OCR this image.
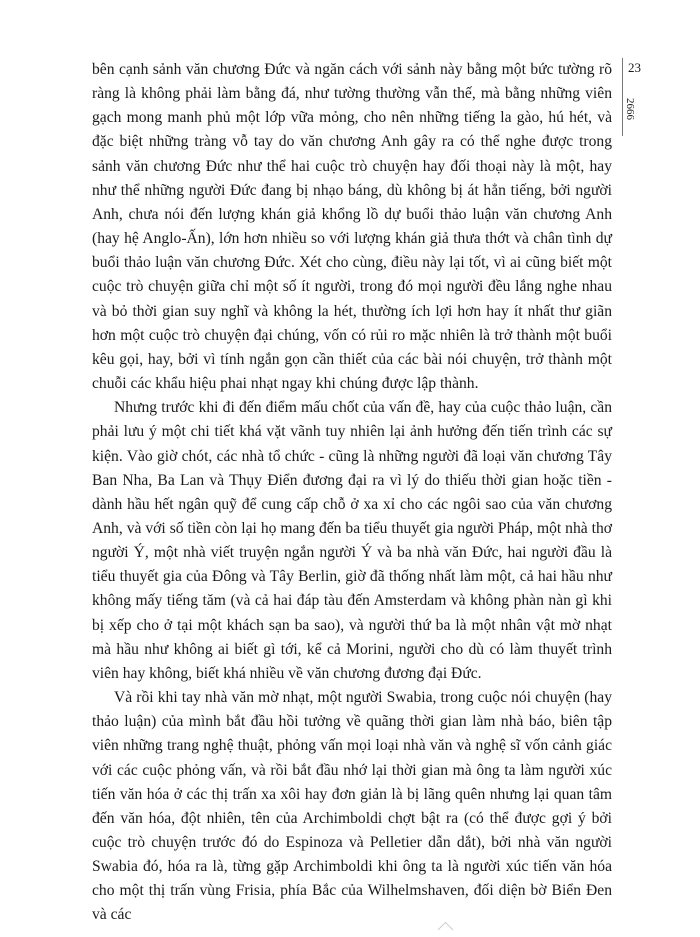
bên cạnh sảnh văn chương Đức và ngăn cách với sảnh này bằng một bức tường rõ ràng là không phải làm bằng đá, như tường thường vẫn thế, mà bằng những viên gạch mong manh phủ một lớp vữa mỏng, cho nên những tiếng la gào, hú hét, và đặc biệt những tràng vỗ tay do văn chương Anh gây ra có thể nghe được trong sảnh văn chương Đức như thể hai cuộc trò chuyện hay đối thoại này là một, hay như thể những người Đức đang bị nhạo báng, dù không bị át hẳn tiếng, bởi người Anh, chưa nói đến lượng khán giả khổng lồ dự buổi thảo luận văn chương Anh (hay hệ Anglo-Ấn), lớn hơn nhiều so với lượng khán giả thưa thớt và chân tình dự buổi thảo luận văn chương Đức. Xét cho cùng, điều này lại tốt, vì ai cũng biết một cuộc trò chuyện giữa chỉ một số ít người, trong đó mọi người đều lắng nghe nhau và bỏ thời gian suy nghĩ và không la hét, thường ích lợi hơn hay ít nhất thư giãn hơn một cuộc trò chuyện đại chúng, vốn có rủi ro mặc nhiên là trở thành một buổi kêu gọi, hay, bởi vì tính ngắn gọn cần thiết của các bài nói chuyện, trở thành một chuỗi các khẩu hiệu phai nhạt ngay khi chúng được lập thành.

Nhưng trước khi đi đến điểm mấu chốt của vấn đề, hay của cuộc thảo luận, cần phải lưu ý một chi tiết khá vặt vãnh tuy nhiên lại ảnh hưởng đến tiến trình các sự kiện. Vào giờ chót, các nhà tổ chức - cũng là những người đã loại văn chương Tây Ban Nha, Ba Lan và Thụy Điển đương đại ra vì lý do thiếu thời gian hoặc tiền - dành hầu hết ngân quỹ để cung cấp chỗ ở xa xỉ cho các ngôi sao của văn chương Anh, và với số tiền còn lại họ mang đến ba tiểu thuyết gia người Pháp, một nhà thơ người Ý, một nhà viết truyện ngắn người Ý và ba nhà văn Đức, hai người đầu là tiểu thuyết gia của Đông và Tây Berlin, giờ đã thống nhất làm một, cả hai hầu như không mấy tiếng tăm (và cả hai đáp tàu đến Amsterdam và không phàn nàn gì khi bị xếp cho ở tại một khách sạn ba sao), và người thứ ba là một nhân vật mờ nhạt mà hầu như không ai biết gì tới, kể cả Morini, người cho dù có làm thuyết trình viên hay không, biết khá nhiều về văn chương đương đại Đức.

Và rồi khi tay nhà văn mờ nhạt, một người Swabia, trong cuộc nói chuyện (hay thảo luận) của mình bắt đầu hồi tưởng về quãng thời gian làm nhà báo, biên tập viên những trang nghệ thuật, phỏng vấn mọi loại nhà văn và nghệ sĩ vốn cảnh giác với các cuộc phỏng vấn, và rồi bắt đầu nhớ lại thời gian mà ông ta làm người xúc tiến văn hóa ở các thị trấn xa xôi hay đơn giản là bị lãng quên nhưng lại quan tâm đến văn hóa, đột nhiên, tên của Archimboldi chợt bật ra (có thể được gợi ý bởi cuộc trò chuyện trước đó do Espinoza và Pelletier dẫn dắt), bởi nhà văn người Swabia đó, hóa ra là, từng gặp Archimboldi khi ông ta là người xúc tiến văn hóa cho một thị trấn vùng Frisia, phía Bắc của Wilhelmshaven, đối diện bờ Biển Đen và các

23
2666
